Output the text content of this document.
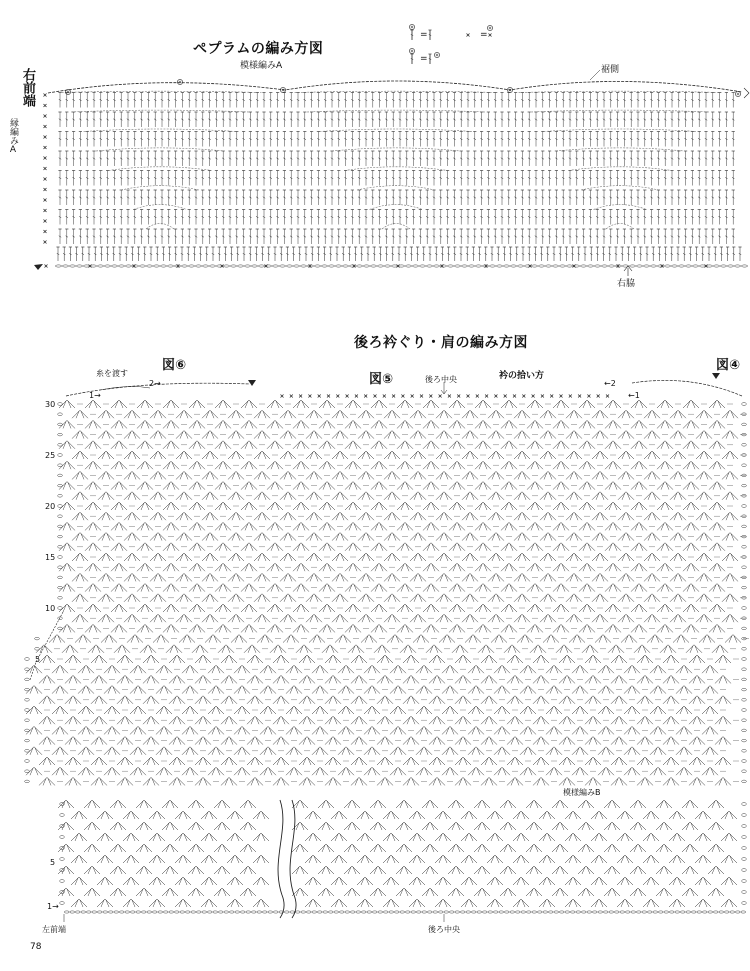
ペプラムの編み方図
模様編みA
=	=
=
裾側
右前端
縁編みA
右脇
後ろ衿ぐり・肩の編み方図
図⑥
図⑤
図④
糸を渡す
後ろ中央	衿の拾い方
1→
2→
←1
←2
30
25
20
15
10
5
模様編みB
5
1→
左前端	後ろ中央
78
